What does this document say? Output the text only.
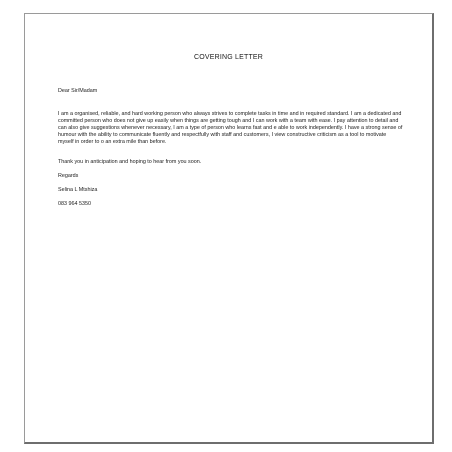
COVERING LETTER

Dear Sir/Madam

I am a organised, reliable, and hard working person who always strives to complete tasks in time and in required standard. I am a dedicated and committed person who does not give up easily when things are getting tough and I can work with a team with ease. I pay attention to detail and can also give suggestions whenever necessary, I am a type of person who learns fast and e able to work independently. I have a strong sense of humour with the ability to communicate fluently and respectfully with staff and customers, I view constructive criticism as a tool to motivate myself in order to o an extra mile than before.

Thank you in anticipation and hoping to hear from you soon.

Regards

Selina L Mtshiza

083 964 5350
